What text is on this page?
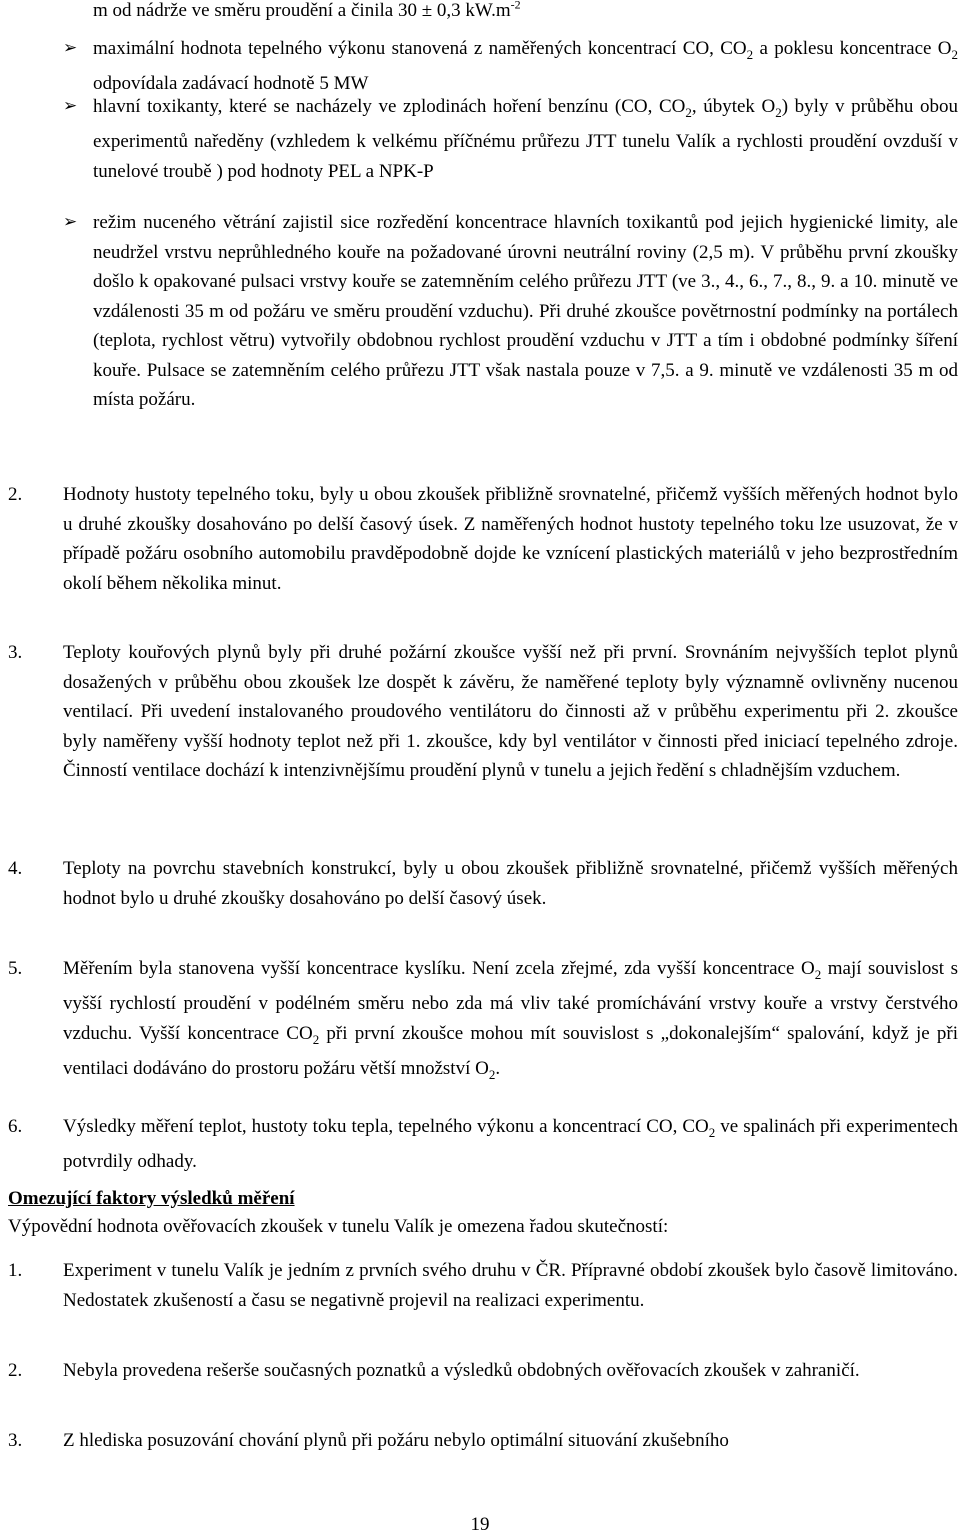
m od nádrže ve směru proudění a činila 30 ± 0,3 $kW.m^{-2}$
➢ maximální hodnota tepelného výkonu stanovená z naměřených koncentrací CO, $CO_2$ a poklesu koncentrace $O_2$ odpovídala zadávací hodnotě 5 MW
➢ hlavní toxikanty, které se nacházely ve zplodinách hoření benzínu (CO, $CO_2$, úbytek $O_2$) byly v průběhu obou experimentů naředěny (vzhledem k velkému příčnému průřezu JTT tunelu Valík a rychlosti proudění ovzduší v tunelové troubě ) pod hodnoty PEL a NPK-P
➢ režim nuceného větrání zajistil sice rozředění koncentrace hlavních toxikantů pod jejich hygienické limity, ale neudržel vrstvu neprůhledného kouře na požadované úrovni neutrální roviny (2,5 m). V průběhu první zkoušky došlo k opakované pulsaci vrstvy kouře se zatemněním celého průřezu JTT (ve 3., 4., 6., 7., 8., 9. a 10. minutě ve vzdálenosti 35 m od požáru ve směru proudění vzduchu). Při druhé zkoušce povětrnostní podmínky na portálech (teplota, rychlost větru) vytvořily obdobnou rychlost proudění vzduchu v JTT a tím i obdobné podmínky šíření kouře. Pulsace se zatemněním celého průřezu JTT však nastala pouze v 7,5. a 9. minutě ve vzdálenosti 35 m od místa požáru.
2. Hodnoty hustoty tepelného toku, byly u obou zkoušek přibližně srovnatelné, přičemž vyšších měřených hodnot bylo u druhé zkoušky dosahováno po delší časový úsek. Z naměřených hodnot hustoty tepelného toku lze usuzovat, že v případě požáru osobního automobilu pravděpodobně dojde ke vznícení plastických materiálů v jeho bezprostředním okolí během několika minut.
3. Teploty kouřových plynů byly při druhé požární zkoušce vyšší než při první. Srovnáním nejvyšších teplot plynů dosažených v průběhu obou zkoušek lze dospět k závěru, že naměřené teploty byly významně ovlivněny nucenou ventilací. Při uvedení instalovaného proudového ventilátoru do činnosti až v průběhu experimentu při 2. zkoušce byly naměřeny vyšší hodnoty teplot než při 1. zkoušce, kdy byl ventilátor v činnosti před iniciací tepelného zdroje. Činností ventilace dochází k intenzivnějšímu proudění plynů v tunelu a jejich ředění s chladnějším vzduchem.
4. Teploty na povrchu stavebních konstrukcí, byly u obou zkoušek přibližně srovnatelné, přičemž vyšších měřených hodnot bylo u druhé zkoušky dosahováno po delší časový úsek.
5. Měřením byla stanovena vyšší koncentrace kyslíku. Není zcela zřejmé, zda vyšší koncentrace $O_2$ mají souvislost s vyšší rychlostí proudění v podélném směru nebo zda má vliv také promíchávání vrstvy kouře a vrstvy čerstvého vzduchu. Vyšší koncentrace $CO_2$ při první zkoušce mohou mít souvislost s „dokonalejším“ spalování, když je při ventilaci dodáváno do prostoru požáru větší množství $O_2$.
6. Výsledky měření teplot, hustoty toku tepla, tepelného výkonu a koncentrací CO, $CO_2$ ve spalinách při experimentech potvrdily odhady.
Omezující faktory výsledků měření
Výpovědní hodnota ověřovacích zkoušek v tunelu Valík je omezena řadou skutečností:
1. Experiment v tunelu Valík je jedním z prvních svého druhu v ČR. Přípravné období zkoušek bylo časově limitováno. Nedostatek zkušeností a času se negativně projevil na realizaci experimentu.
2. Nebyla provedena rešerše současných poznatků a výsledků obdobných ověřovacích zkoušek v zahraničí.
3. Z hlediska posuzování chování plynů při požáru nebylo optimální situování zkušebního
19
